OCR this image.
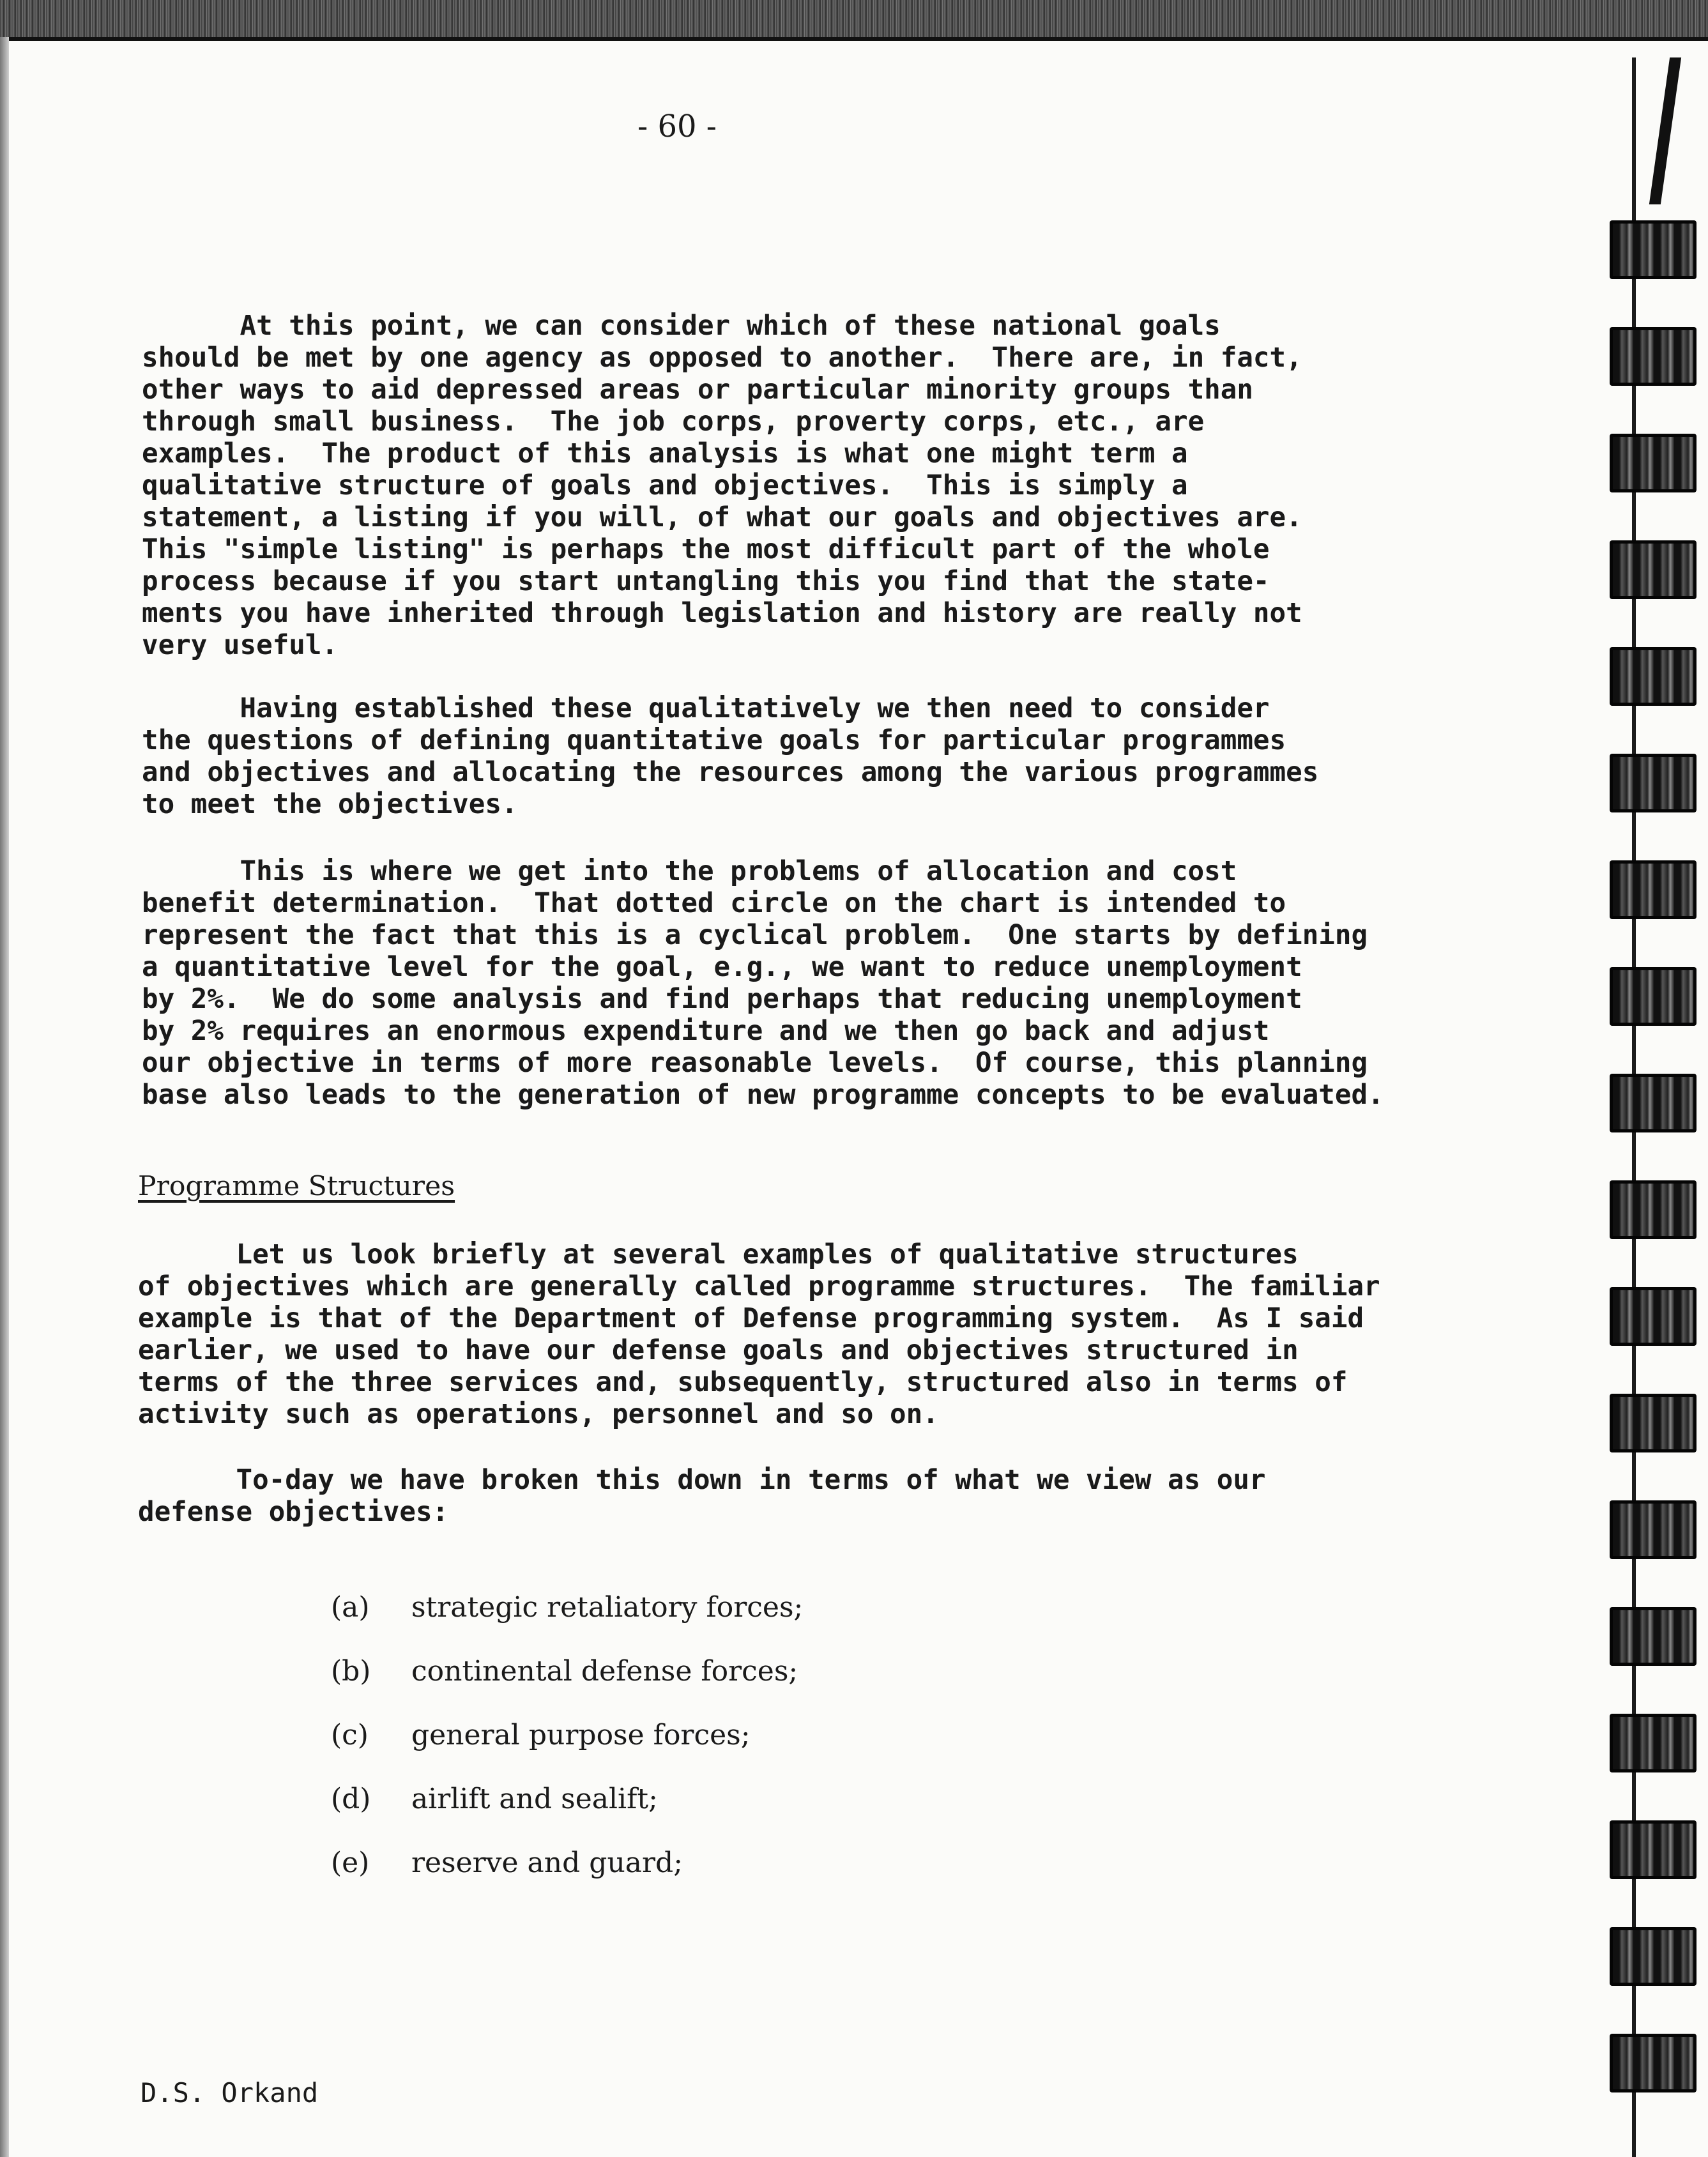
- 60 -

At this point, we can consider which of these national goals
should be met by one agency as opposed to another.  There are, in fact,
other ways to aid depressed areas or particular minority groups than
through small business.  The job corps, proverty corps, etc., are
examples.  The product of this analysis is what one might term a
qualitative structure of goals and objectives.  This is simply a
statement, a listing if you will, of what our goals and objectives are.
This "simple listing" is perhaps the most difficult part of the whole
process because if you start untangling this you find that the state-
ments you have inherited through legislation and history are really not
very useful.

Having established these qualitatively we then need to consider
the questions of defining quantitative goals for particular programmes
and objectives and allocating the resources among the various programmes
to meet the objectives.

This is where we get into the problems of allocation and cost
benefit determination.  That dotted circle on the chart is intended to
represent the fact that this is a cyclical problem.  One starts by defining
a quantitative level for the goal, e.g., we want to reduce unemployment
by 2%.  We do some analysis and find perhaps that reducing unemployment
by 2% requires an enormous expenditure and we then go back and adjust
our objective in terms of more reasonable levels.  Of course, this planning
base also leads to the generation of new programme concepts to be evaluated.

Programme Structures

Let us look briefly at several examples of qualitative structures
of objectives which are generally called programme structures.  The familiar
example is that of the Department of Defense programming system.  As I said
earlier, we used to have our defense goals and objectives structured in
terms of the three services and, subsequently, structured also in terms of
activity such as operations, personnel and so on.

To-day we have broken this down in terms of what we view as our
defense objectives:

(a) strategic retaliatory forces;

(b) continental defense forces;

(c) general purpose forces;

(d) airlift and sealift;

(e) reserve and guard;

D.S. Orkand
